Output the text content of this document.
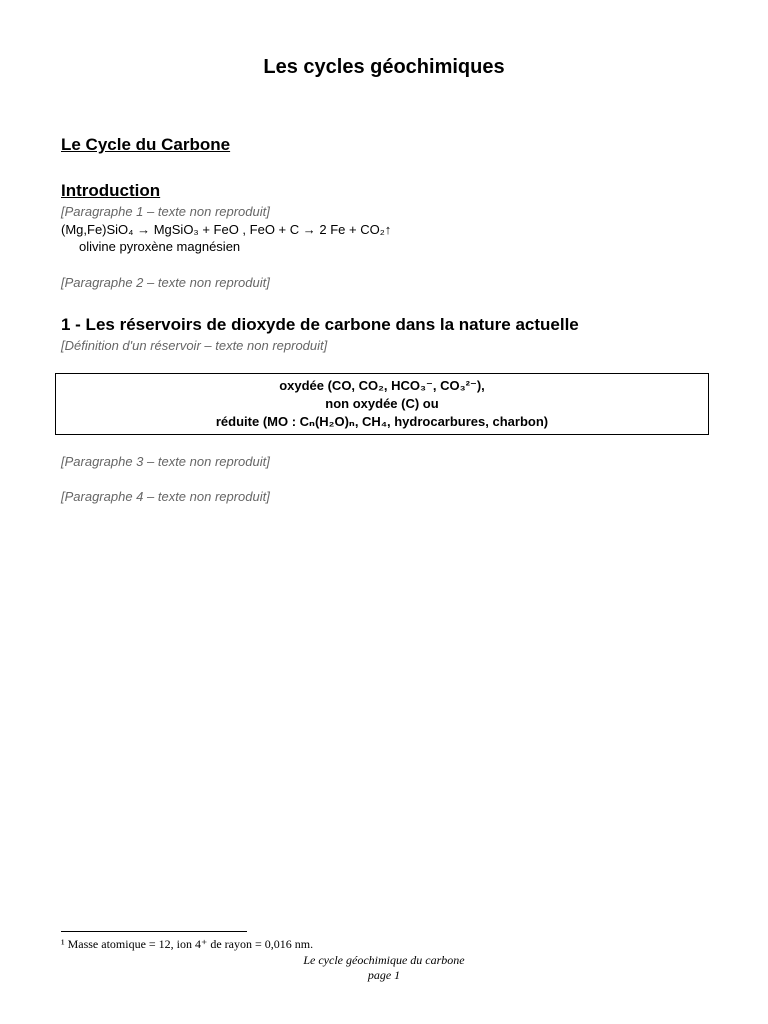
Les cycles géochimiques
Le Cycle du Carbone
Introduction

[Paragraphe 1 – texte non reproduit]

(Mg,Fe)SiO₄ → MgSiO₃ + FeO , FeO + C → 2 Fe + CO₂↑

olivine pyroxène magnésien

[Paragraphe 2 – texte non reproduit]

1 - Les réservoirs de dioxyde de carbone dans la nature actuelle

[Définition d'un réservoir – texte non reproduit]

oxydée (CO, CO₂, HCO₃⁻, CO₃²⁻),
non oxydée (C) ou
réduite (MO : Cₙ(H₂O)ₙ, CH₄, hydrocarbures, charbon)

[Paragraphe 3 – texte non reproduit]

[Paragraphe 4 – texte non reproduit]

¹ Masse atomique = 12, ion 4⁺ de rayon = 0,016 nm.
Le cycle géochimique du carbone
page 1
